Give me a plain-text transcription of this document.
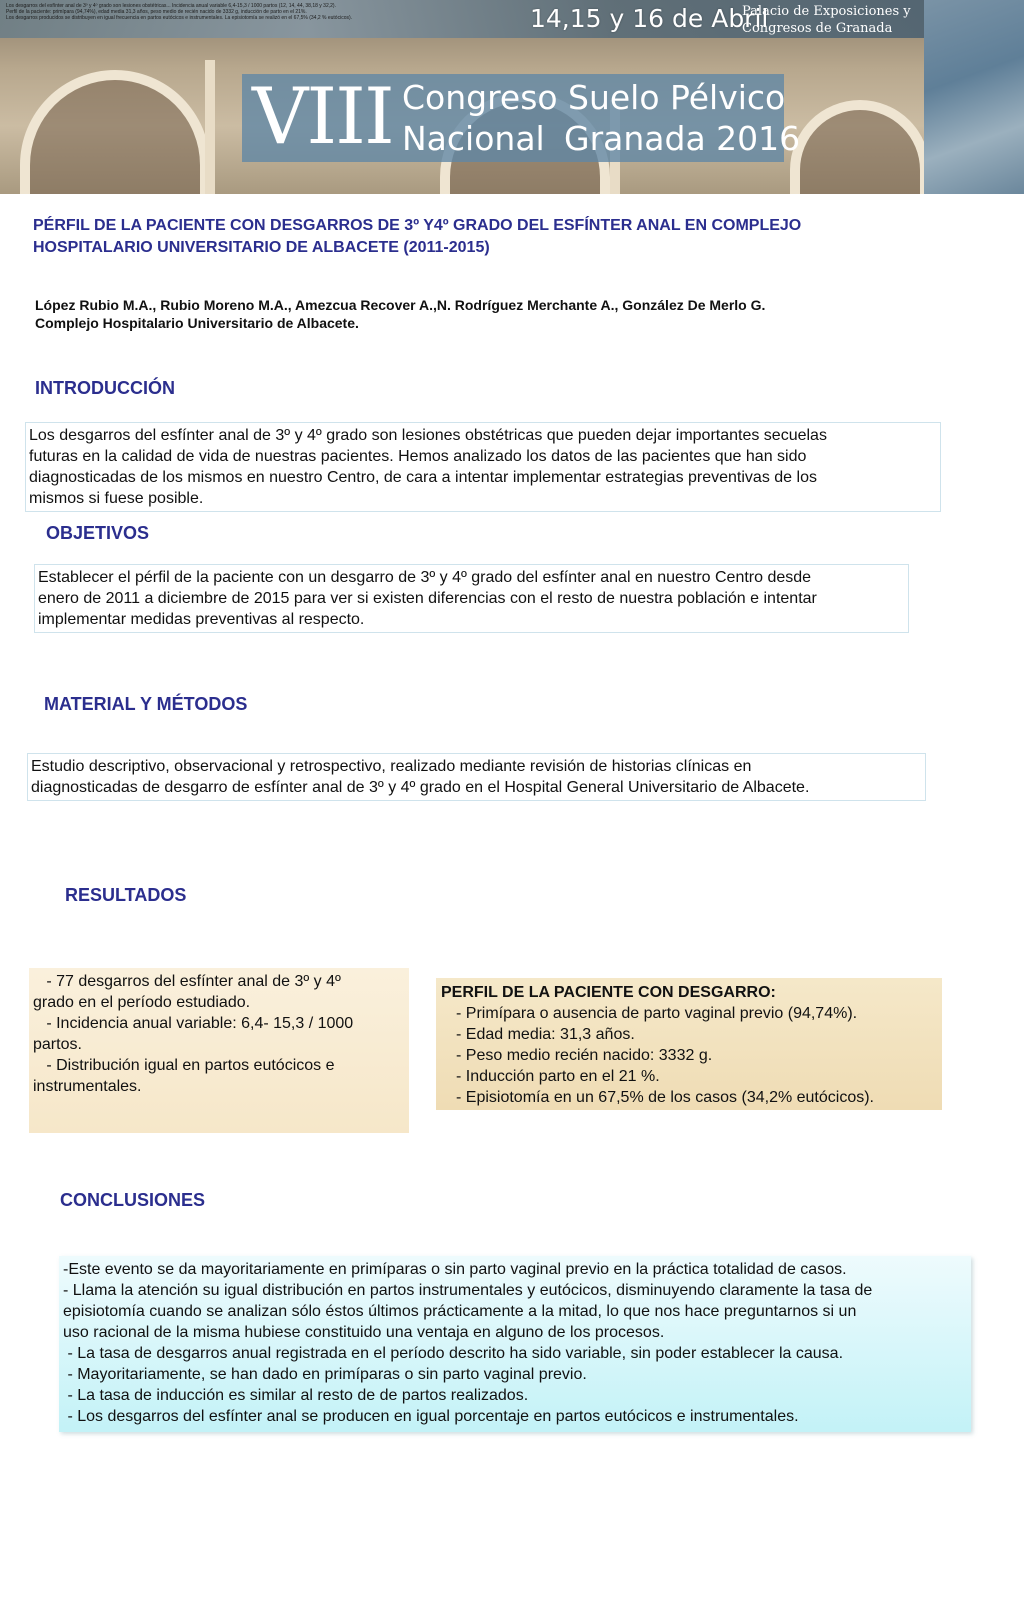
Los desgarros del esfínter anal de 3º y 4º grado son lesiones obstétricas... Incidencia anual variable 6,4-15,3 / 1000 partos (12, 14, 44, 38,18 y 32,2).
Perfil de la paciente: primípara (94,74%), edad media 31,3 años, peso medio de recién nacido de 3332 g, inducción de parto en el 21%.
Los desgarros producidos se distribuyen en igual frecuencia en partos eutócicos e instrumentales. La episiotomía se realizó en el 67,5% (34,2 % eutócicos).	14,15 y 16 de Abril
Palacio de Exposiciones y
Congresos de Granada
VIII Congreso
Nacional
Suelo Pélvico
Granada 2016
PÉRFIL DE LA PACIENTE CON DESGARROS DE 3º Y4º GRADO DEL ESFÍNTER ANAL EN COMPLEJO
HOSPITALARIO UNIVERSITARIO DE ALBACETE (2011-2015)
López Rubio M.A., Rubio Moreno M.A., Amezcua Recover A.,N. Rodríguez Merchante A., González De Merlo G.
Complejo Hospitalario Universitario de Albacete.
INTRODUCCIÓN

Los desgarros del esfínter anal de 3º y 4º grado son lesiones obstétricas que pueden dejar importantes secuelas

futuras en la calidad de vida de nuestras pacientes. Hemos analizado los datos de las pacientes que han sido

diagnosticadas de los mismos en nuestro Centro, de cara a intentar implementar estrategias preventivas de los

mismos si fuese posible.

OBJETIVOS

Establecer el pérfil de la paciente con un desgarro de 3º y 4º grado del esfínter anal en nuestro Centro desde

enero de 2011 a diciembre de 2015 para ver si existen diferencias con el resto de nuestra población e intentar

implementar medidas preventivas al respecto.

MATERIAL Y MÉTODOS

Estudio descriptivo, observacional y retrospectivo, realizado mediante revisión de historias clínicas en

diagnosticadas de desgarro de esfínter anal de 3º y 4º grado en el Hospital General Universitario de Albacete.

RESULTADOS

- 77 desgarros del esfínter anal de 3º y 4º

grado en el período estudiado.

- Incidencia anual variable: 6,4- 15,3 / 1000

partos.

- Distribución igual en partos eutócicos e

instrumentales.

PERFIL DE LA PACIENTE CON DESGARRO:

- Primípara o ausencia de parto vaginal previo (94,74%).

- Edad media: 31,3 años.

- Peso medio recién nacido: 3332 g.

- Inducción parto en el 21 %.

- Episiotomía en un 67,5% de los casos (34,2% eutócicos).

CONCLUSIONES

-Este evento se da mayoritariamente en primíparas o sin parto vaginal previo en la práctica totalidad de casos.

- Llama la atención su igual distribución en partos instrumentales y eutócicos, disminuyendo claramente la tasa de

episiotomía cuando se analizan sólo éstos últimos prácticamente a la mitad, lo que nos hace preguntarnos si un

uso racional de la misma hubiese constituido una ventaja en alguno de los procesos.

- La tasa de desgarros anual registrada en el período descrito ha sido variable, sin poder establecer la causa.

- Mayoritariamente, se han dado en primíparas o sin parto vaginal previo.

- La tasa de inducción es similar al resto de de partos realizados.

- Los desgarros del esfínter anal se producen en igual porcentaje en partos eutócicos e instrumentales.
